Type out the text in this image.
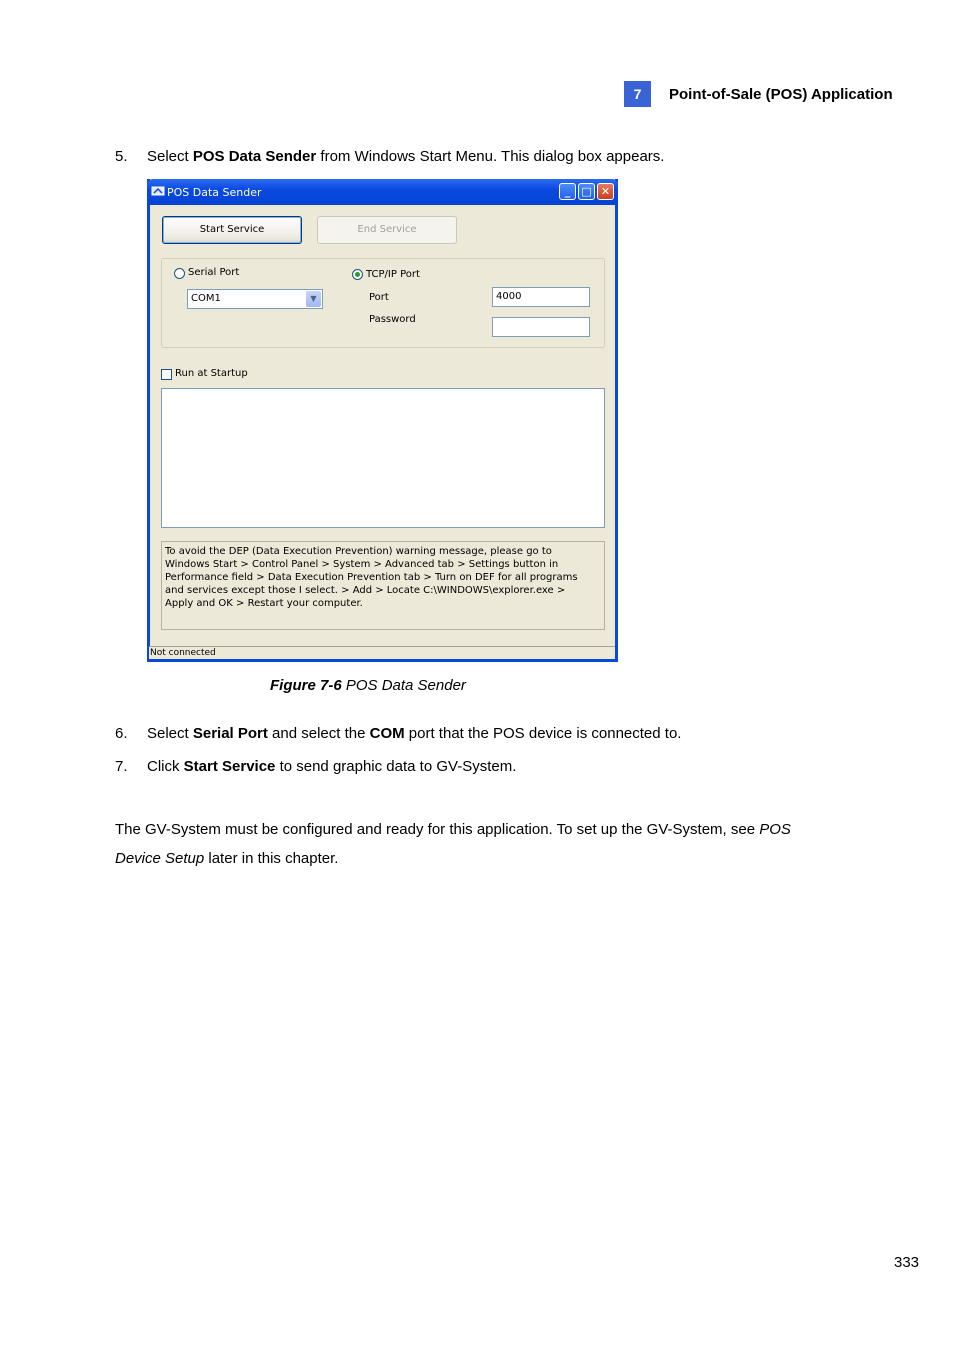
7	Point-of-Sale (POS) Application
5. Select POS Data Sender from Windows Start Menu. This dialog box appears.
POS Data Sender	_	□ ✕
Start Service	End Service
Serial Port
COM1	▼
TCP/IP Port
Port	4000
Password
Run at Startup
To avoid the DEP (Data Execution Prevention) warning message, please go to
Windows Start > Control Panel > System > Advanced tab > Settings button in
Performance field > Data Execution Prevention tab > Turn on DEF for all programs
and services except those I select. > Add > Locate C:\WINDOWS\explorer.exe >
Apply and OK > Restart your computer.
Not connected
Figure 7-6 POS Data Sender
6. Select Serial Port and select the COM port that the POS device is connected to.
7. Click Start Service to send graphic data to GV-System.
The GV-System must be configured and ready for this application. To set up the GV-System, see POS
Device Setup later in this chapter.
333
